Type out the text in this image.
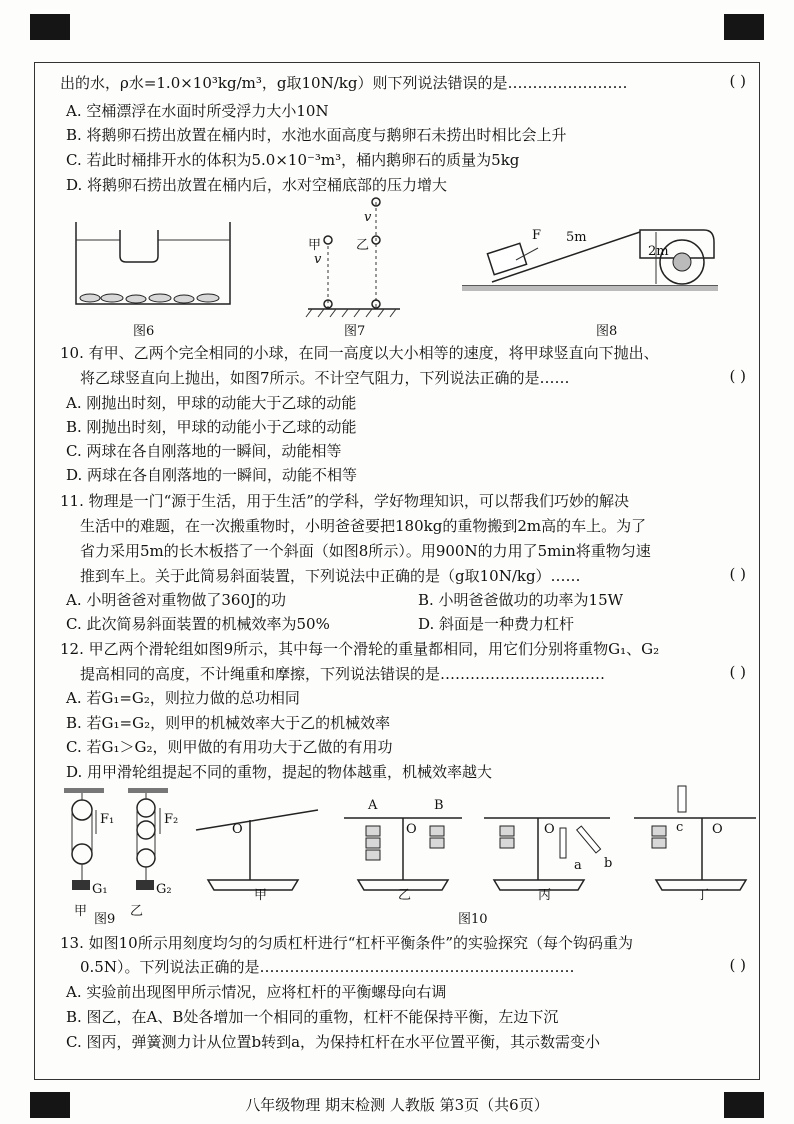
出的水，ρ水=1.0×10³kg/m³，g取10N/kg）则下列说法错误的是……………………	( )
A. 空桶漂浮在水面时所受浮力大小10N
B. 将鹅卵石捞出放置在桶内时，水池水面高度与鹅卵石未捞出时相比会上升
C. 若此时桶排开水的体积为5.0×10⁻³m³，桶内鹅卵石的质量为5kg
D. 将鹅卵石捞出放置在桶内后，水对空桶底部的压力增大
图6
甲	乙
v
v
图7
F 5m
2m
图8
10. 有甲、乙两个完全相同的小球，在同一高度以大小相等的速度，将甲球竖直向下抛出、
将乙球竖直向上抛出，如图7所示。不计空气阻力，下列说法正确的是……	( )
A. 刚抛出时刻，甲球的动能大于乙球的动能
B. 刚抛出时刻，甲球的动能小于乙球的动能
C. 两球在各自刚落地的一瞬间，动能相等
D. 两球在各自刚落地的一瞬间，动能不相等
11. 物理是一门“源于生活，用于生活”的学科，学好物理知识，可以帮我们巧妙的解决
生活中的难题，在一次搬重物时，小明爸爸要把180kg的重物搬到2m高的车上。为了
省力采用5m的长木板搭了一个斜面（如图8所示）。用900N的力用了5min将重物匀速
推到车上。关于此简易斜面装置，下列说法中正确的是（g取10N/kg）……	( )
A. 小明爸爸对重物做了360J的功	B. 小明爸爸做功的功率为15W
C. 此次简易斜面装置的机械效率为50%	D. 斜面是一种费力杠杆
12. 甲乙两个滑轮组如图9所示，其中每一个滑轮的重量都相同，用它们分别将重物G₁、G₂
提高相同的高度，不计绳重和摩擦，下列说法错误的是……………………………	( )
A. 若G₁=G₂，则拉力做的总功相同
B. 若G₁=G₂，则甲的机械效率大于乙的机械效率
C. 若G₁＞G₂，则甲做的有用功大于乙做的有用功
D. 用甲滑轮组提起不同的重物，提起的物体越重，机械效率越大
F₁	F₂
G₁	G₂
甲	乙
图9
O
A	B
O	O
a b
c O
甲	乙	丙	丁
图10
13. 如图10所示用刻度均匀的匀质杠杆进行“杠杆平衡条件”的实验探究（每个钩码重为
0.5N）。下列说法正确的是………………………………………………………	( )
A. 实验前出现图甲所示情况，应将杠杆的平衡螺母向右调
B. 图乙，在A、B处各增加一个相同的重物，杠杆不能保持平衡，左边下沉
C. 图丙，弹簧测力计从位置b转到a，为保持杠杆在水平位置平衡，其示数需变小
八年级物理 期末检测 人教版 第3页（共6页）
